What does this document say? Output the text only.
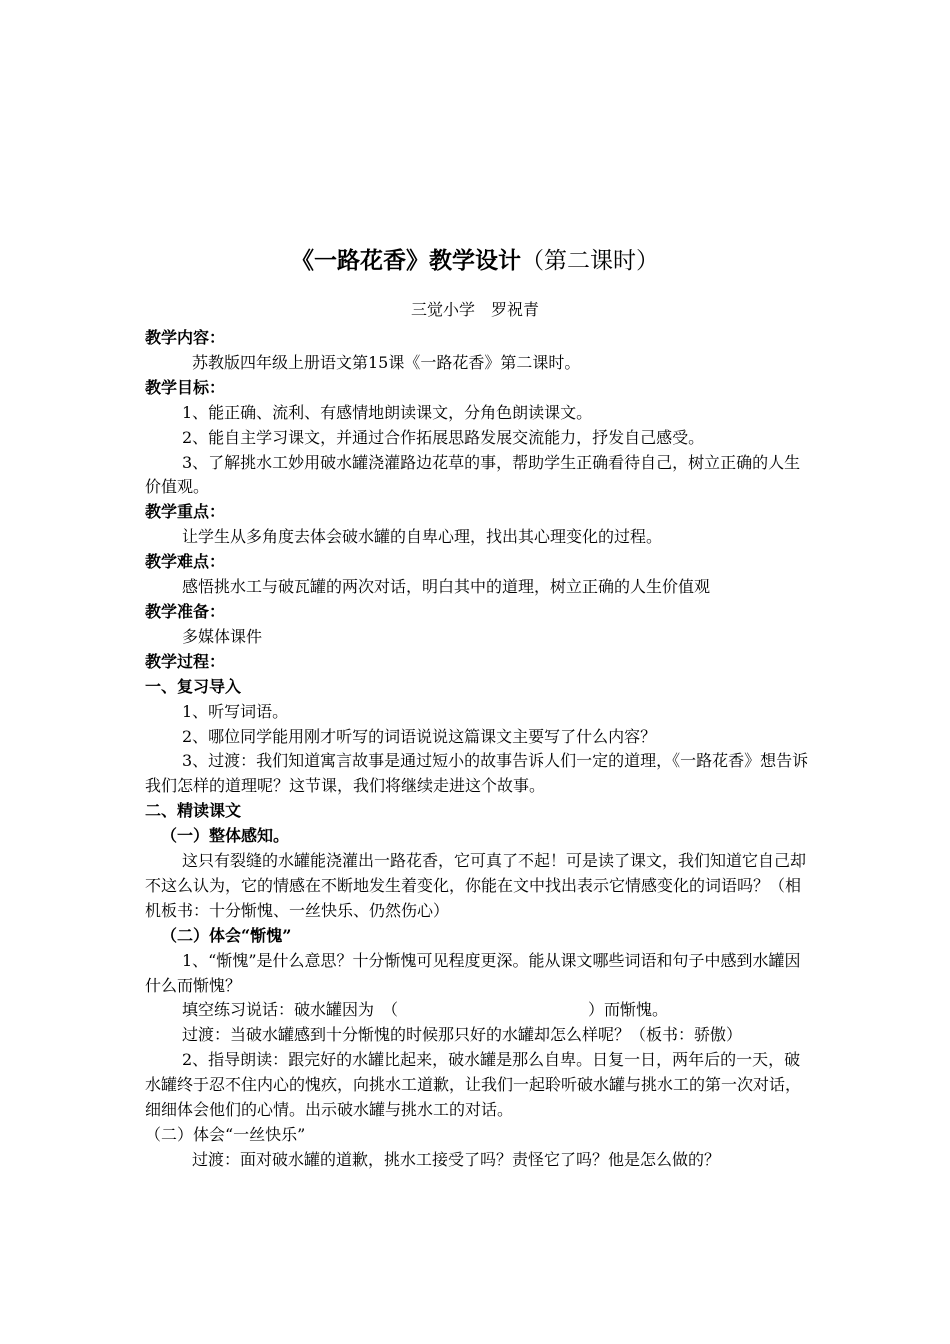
《一路花香》教学设计（第二课时）
三觉小学　罗祝青

教学内容：

苏教版四年级上册语文第15课《一路花香》第二课时。

教学目标：

1、能正确、流利、有感情地朗读课文，分角色朗读课文。

2、能自主学习课文，并通过合作拓展思路发展交流能力，抒发自己感受。

3、了解挑水工妙用破水罐浇灌路边花草的事，帮助学生正确看待自己，树立正确的人生价值观。

教学重点：

让学生从多角度去体会破水罐的自卑心理，找出其心理变化的过程。

教学难点：

感悟挑水工与破瓦罐的两次对话，明白其中的道理，树立正确的人生价值观

教学准备：

多媒体课件

教学过程：

一、复习导入

1、听写词语。

2、哪位同学能用刚才听写的词语说说这篇课文主要写了什么内容？

3、过渡：我们知道寓言故事是通过短小的故事告诉人们一定的道理，《一路花香》想告诉我们怎样的道理呢？这节课，我们将继续走进这个故事。

二、精读课文

（一）整体感知。

这只有裂缝的水罐能浇灌出一路花香，它可真了不起！可是读了课文，我们知道它自己却不这么认为，它的情感在不断地发生着变化，你能在文中找出表示它情感变化的词语吗？（相机板书：十分惭愧、一丝快乐、仍然伤心）

（二）体会“惭愧”

1、“惭愧”是什么意思？十分惭愧可见程度更深。能从课文哪些词语和句子中感到水罐因什么而惭愧？

填空练习说话：破水罐因为　（	）而惭愧。

过渡：当破水罐感到十分惭愧的时候那只好的水罐却怎么样呢？（板书：骄傲）

2、指导朗读：跟完好的水罐比起来，破水罐是那么自卑。日复一日，两年后的一天，破水罐终于忍不住内心的愧疚，向挑水工道歉，让我们一起聆听破水罐与挑水工的第一次对话，细细体会他们的心情。出示破水罐与挑水工的对话。

（二）体会“一丝快乐”

过渡：面对破水罐的道歉，挑水工接受了吗？责怪它了吗？他是怎么做的？
